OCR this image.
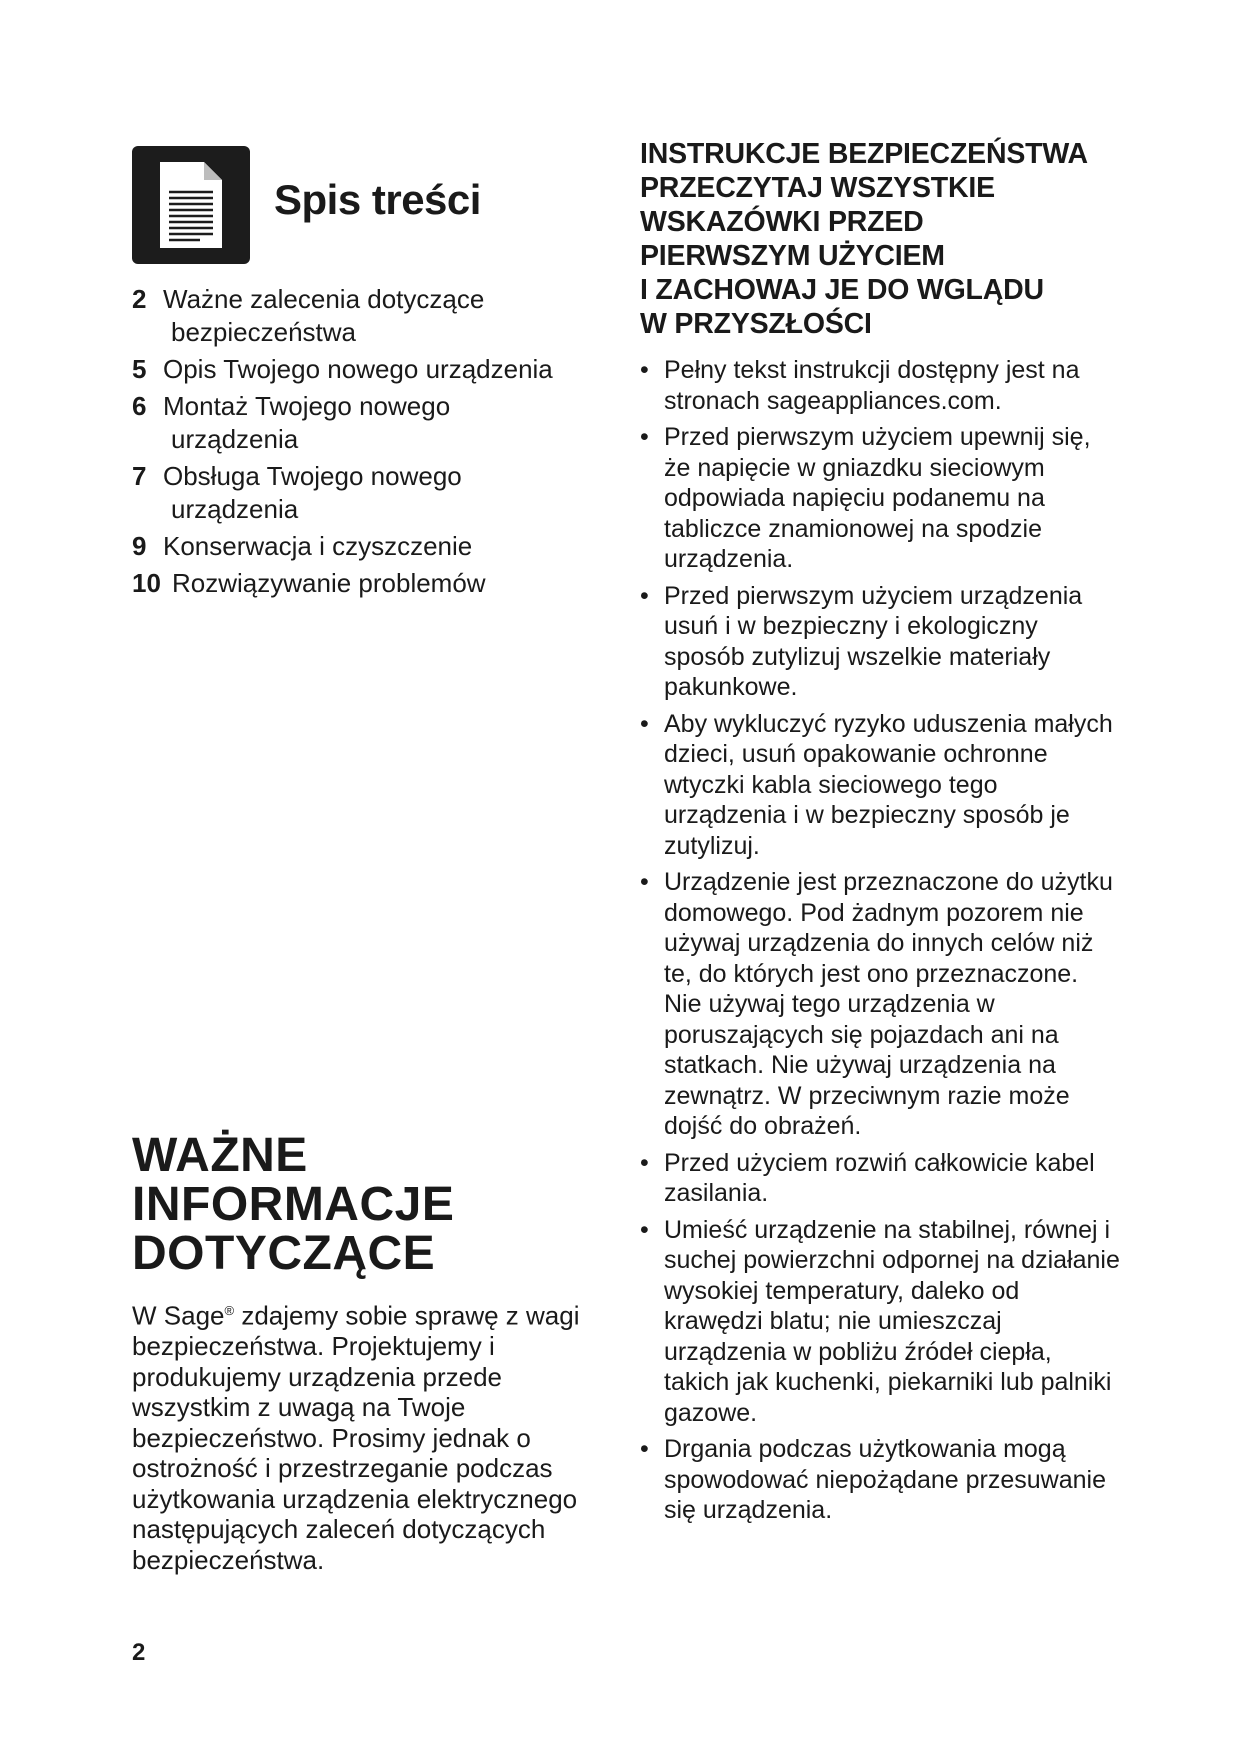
Spis treści
2 Ważne zalecenia dotyczące
bezpieczeństwa
5 Opis Twojego nowego urządzenia
6 Montaż Twojego nowego
urządzenia
7 Obsługa Twojego nowego
urządzenia
9 Konserwacja i czyszczenie
10 Rozwiązywanie problemów
WAŻNE
INFORMACJE
DOTYCZĄCE

W Sage® zdajemy sobie sprawę z wagi bezpieczeństwa. Projektujemy i produkujemy urządzenia przede wszystkim z uwagą na Twoje bezpieczeństwo. Prosimy jednak o ostrożność i przestrzeganie podczas użytkowania urządzenia elektrycznego następujących zaleceń dotyczących bezpieczeństwa.

INSTRUKCJE BEZPIECZEŃSTWA
PRZECZYTAJ WSZYSTKIE
WSKAZÓWKI PRZED
PIERWSZYM UŻYCIEM
I ZACHOWAJ JE DO WGLĄDU
W PRZYSZŁOŚCI
• Pełny tekst instrukcji dostępny jest na stronach sageappliances.com.
• Przed pierwszym użyciem upewnij się, że napięcie w gniazdku sieciowym odpowiada napięciu podanemu na tabliczce znamionowej na spodzie urządzenia.
• Przed pierwszym użyciem urządzenia usuń i w bezpieczny i ekologiczny sposób zutylizuj wszelkie materiały pakunkowe.
• Aby wykluczyć ryzyko uduszenia małych dzieci, usuń opakowanie ochronne wtyczki kabla sieciowego tego urządzenia i w bezpieczny sposób je zutylizuj.
• Urządzenie jest przeznaczone do użytku domowego. Pod żadnym pozorem nie używaj urządzenia do innych celów niż te, do których jest ono przeznaczone. Nie używaj tego urządzenia w poruszających się pojazdach ani na statkach. Nie używaj urządzenia na zewnątrz. W przeciwnym razie może dojść do obrażeń.
• Przed użyciem rozwiń całkowicie kabel zasilania.
• Umieść urządzenie na stabilnej, równej i suchej powierzchni odpornej na działanie wysokiej temperatury, daleko od krawędzi blatu; nie umieszczaj urządzenia w pobliżu źródeł ciepła, takich jak kuchenki, piekarniki lub palniki gazowe.
• Drgania podczas użytkowania mogą spowodować niepożądane przesuwanie się urządzenia.
2
